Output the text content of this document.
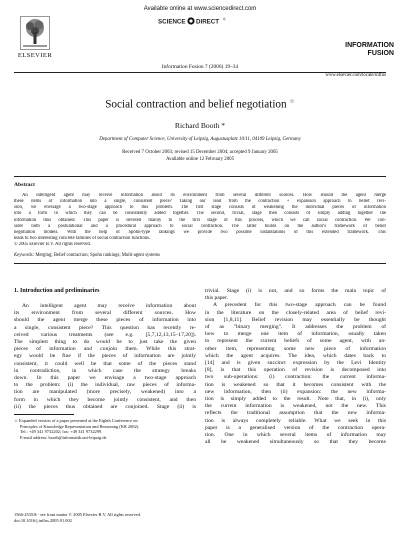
Available online at www.sciencedirect.com
SCIENCE DIRECT ®
ELSEVIER
Information Fusion 7 (2006) 19–34
INFORMATION
FUSION
www.elsevier.com/locate/inffus
Social contraction and belief negotiation ☆
Richard Booth *
Department of Computer Science, University of Leipzig, Augustusplatz 10/11, 04109 Leipzig, Germany
Received 7 October 2003; revised 15 December 2004; accepted 9 January 2005
Available online 12 February 2005
Abstract
An intelligent agent may receive information about its environment from several different sources. How should the agent merge
these items of information into a single, consistent piece? Taking our lead from the contraction + expansion approach to belief revi-
sion, we envisage a two-stage approach to this problem. The first stage consists of weakening the individual pieces of information
into a form in which they can be consistently added together. The second, trivial, stage then consists of simply adding together the
information thus obtained. This paper is devoted mainly to the first stage of this process, which we call social contraction. We con-
sider both a postulational and a procedural approach to social contraction. The latter builds on the author's framework of belief
negotiation models. With the help of Spohn-type rankings we provide two possible instantiations of this extended framework. This
leads to two interesting concrete families of social contraction functions.
© 2005 Elsevier B.V. All rights reserved.
Keywords: Merging; Belief contraction; Spohn rankings; Multi-agent systems
1. Introduction and preliminaries
An intelligent agent may receive information about
its environment from several different sources. How
should the agent merge these pieces of information into
a single, consistent piece? This question has recently re-
ceived various treatments (see e.g. [5,7,12,13,15–17,20]).
The simplest thing to do would be to just take the given
pieces of information and conjoin them. While this strat-
egy would be fine if the pieces of information are jointly
consistent, it could well be that some of the pieces stand
in contradiction, in which case the strategy breaks
down. In this paper we envisage a two-stage approach
to the problem: (i) the individual, raw pieces of informa-
tion are manipulated (more precisely, weakened) into a
form in which they become jointly consistent, and then
(ii) the pieces thus obtained are conjoined. Stage (ii) is
☆ Expanded version of a paper presented at the Eighth Conference on
Principles of Knowledge Representation and Reasoning (KR 2002).
Tel.: +49 341 9732202; fax: +49 341 9732299.
E-mail address: booth@informatik.uni-leipzig.de
1566-2535/$ - see front matter © 2005 Elsevier B.V. All rights reserved.
doi:10.1016/j.inffus.2005.01.002
trivial. Stage (i) is not, and so forms the main topic of
this paper.
A precedent for this two-stage approach can be found
in the literature on the closely-related area of belief revi-
sion [1,8,11]. Belief revision may essentially be thought
of as "binary merging". It addresses the problem of
how to merge one item of information, usually taken
to represent the current beliefs of some agent, with an-
other item, representing some new piece of information
which the agent acquires. The idea, which dates back to
[14] and is given succinct expression by the Levi Identity
[8], is that this operation of revision is decomposed into
two sub-operations: (i) contraction: the current informa-
tion is weakened so that it becomes consistent with the
new information, then (ii) expansion: the new informa-
tion is simply added to the result. Note that, in (i), only
the current information is weakened, not the new. This
reflects the traditional assumption that the new informa-
tion is always completely reliable. What we seek in this
paper is a generalised version of the contraction opera-
tion. One in which several items of information may
all be weakened simultaneously so that they become
